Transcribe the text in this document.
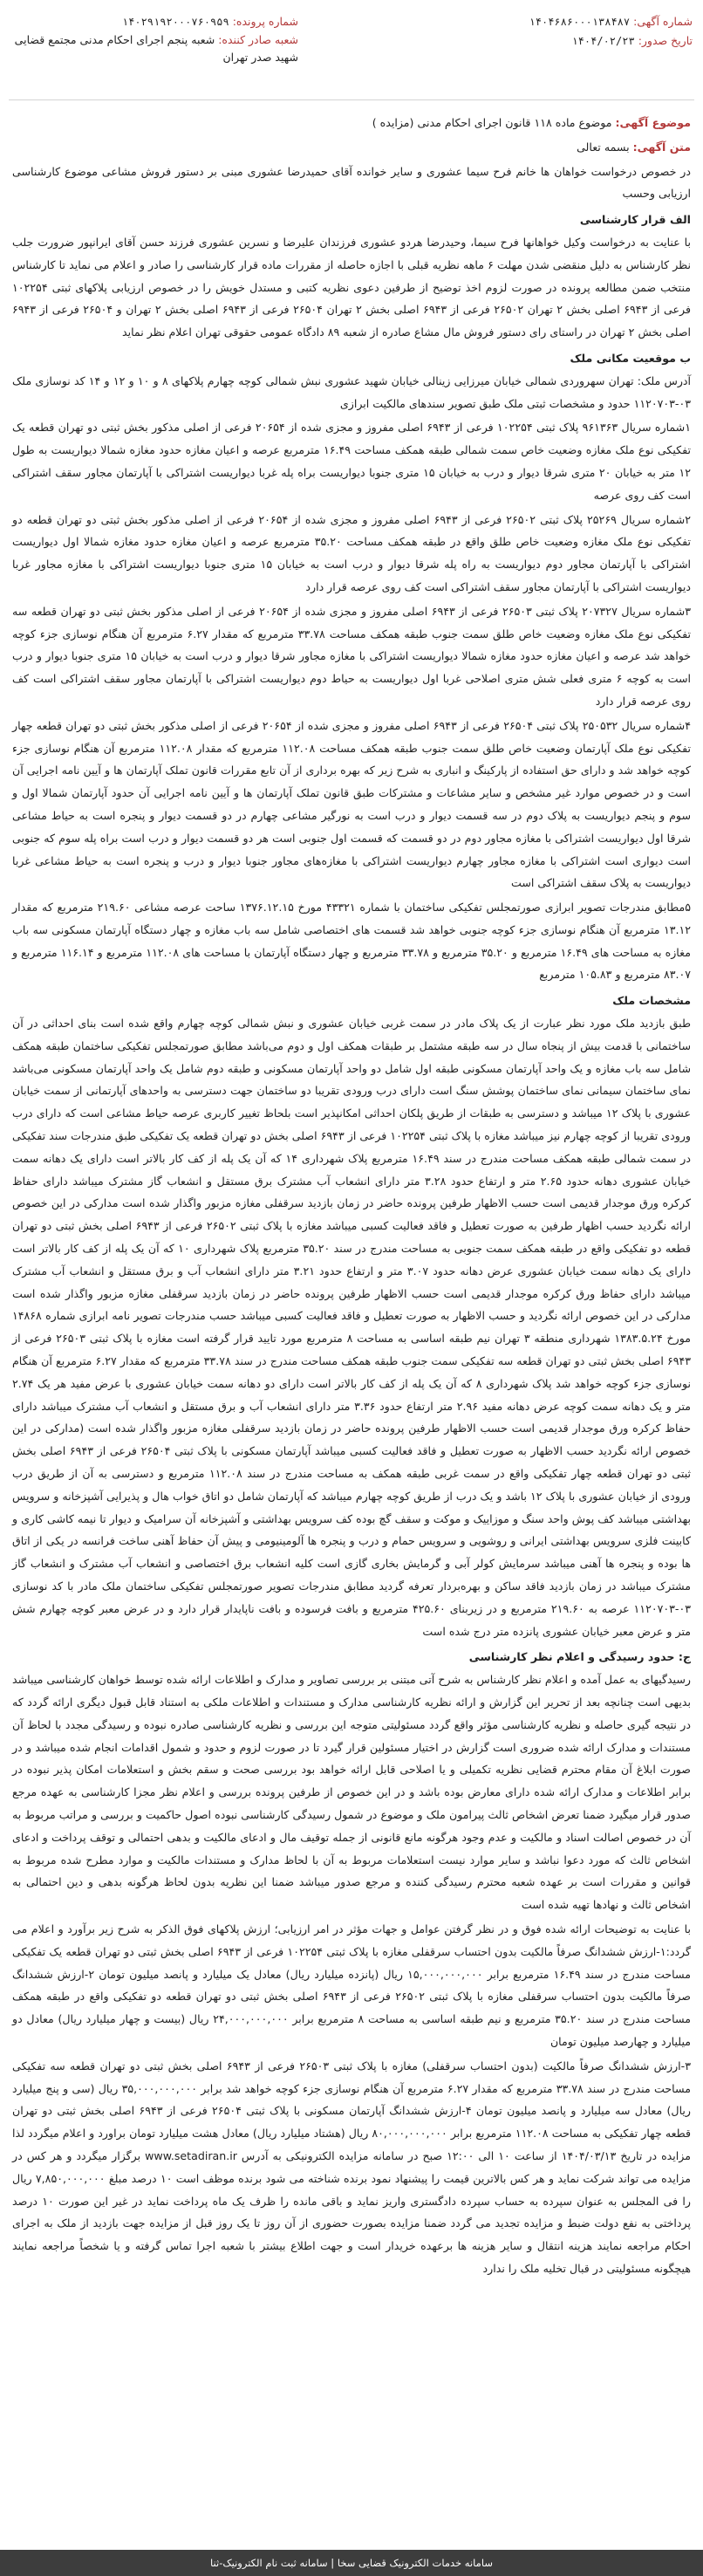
شماره آگهی: ۱۴۰۴۶۸۶۰۰۰۱۳۸۴۸۷
تاریخ صدور: ۱۴۰۴/۰۲/۲۳
شماره پرونده: ۱۴۰۲۹۱۹۲۰۰۰۷۶۰۹۵۹
شعبه صادر کننده: شعبه پنجم اجرای احکام مدنی مجتمع قضایی شهید صدر تهران

موضوع آگهی: موضوع ماده ۱۱۸ قانون اجرای احکام مدنی (مزایده )

متن آگهی: بسمه تعالی

در خصوص درخواست خواهان ها خانم فرح سیما عشوری و سایر خوانده آقای حمیدرضا عشوری مبنی بر دستور فروش مشاعی موضوع کارشناسی ارزیابی وحسب

الف قرار کارشناسی

با عنایت به درخواست وکیل خواهانها فرح سیما، وحیدرضا هردو عشوری فرزندان علیرضا و نسرین عشوری فرزند حسن آقای ایرانپور ضرورت جلب نظر کارشناس به دلیل منقضی شدن مهلت ۶ ماهه نظریه قبلی با اجازه حاصله از مقررات ماده قرار کارشناسی را صادر و اعلام می نماید تا کارشناس منتخب ضمن مطالعه پرونده در صورت لزوم اخذ توضیح از طرفین دعوی نظریه کتبی و مستدل خویش را در خصوص ارزیابی پلاکهای ثبتی ۱۰۲۲۵۴ فرعی از ۶۹۴۳ اصلی بخش ۲ تهران ۲۶۵۰۲ فرعی از ۶۹۴۳ اصلی بخش ۲ تهران ۲۶۵۰۴ فرعی از ۶۹۴۳ اصلی بخش ۲ تهران و ۲۶۵۰۴ فرعی از ۶۹۴۳ اصلی بخش ۲ تهران در راستای رای دستور فروش مال مشاع صادره از شعبه ۸۹ دادگاه عمومی حقوقی تهران اعلام نظر نماید

ب موقعیت مکانی ملک

آدرس ملک: تهران سهروردی شمالی خیابان میرزایی زینالی خیابان شهید عشوری نبش شمالی کوچه چهارم پلاکهای ۸ و ۱۰ و ۱۲ و ۱۴ کد نوسازی ملک ۰۳-۱۱۲۰۷۰۳ حدود و مشخصات ثبتی ملک طبق تصویر سندهای مالکیت ابرازی

۱شماره سریال ۹۶۱۳۶۳ پلاک ثبتی ۱۰۲۲۵۴ فرعی از ۶۹۴۳ اصلی مفروز و مجزی شده از ۲۰۶۵۴ فرعی از اصلی مذکور بخش ثبتی دو تهران قطعه یک تفکیکی نوع ملک مغازه وضعیت خاص سمت شمالی طبقه همکف مساحت ۱۶.۴۹ مترمربع عرصه و اعیان مغازه حدود مغازه شمالا دیواریست به طول ۱۲ متر به خیابان ۲۰ متری شرقا دیوار و درب به خیابان ۱۵ متری جنوبا دیواریست براه پله غربا دیواریست اشتراکی با آپارتمان مجاور سقف اشتراکی است کف روی عرصه

۲شماره سریال ۲۵۲۶۹ پلاک ثبتی ۲۶۵۰۲ فرعی از ۶۹۴۳ اصلی مفروز و مجزی شده از ۲۰۶۵۴ فرعی از اصلی مذکور بخش ثبتی دو تهران قطعه دو تفکیکی نوع ملک مغازه وضعیت خاص طلق واقع در طبقه همکف مساحت ۳۵.۲۰ مترمربع عرصه و اعیان مغازه حدود مغازه شمالا اول دیواریست اشتراکی با آپارتمان مجاور دوم دیواریست به راه پله شرقا دیوار و درب است به خیابان ۱۵ متری جنوبا دیواریست اشتراکی با مغازه مجاور غربا دیواریست اشتراکی با آپارتمان مجاور سقف اشتراکی است کف روی عرصه قرار دارد

۳شماره سریال ۲۰۷۳۲۷ پلاک ثبتی ۲۶۵۰۳ فرعی از ۶۹۴۳ اصلی مفروز و مجزی شده از ۲۰۶۵۴ فرعی از اصلی مذکور بخش ثبتی دو تهران قطعه سه تفکیکی نوع ملک مغازه وضعیت خاص طلق سمت جنوب طبقه همکف مساحت ۳۳.۷۸ مترمربع که مقدار ۶.۲۷ مترمربع آن هنگام نوسازی جزء کوچه خواهد شد عرصه و اعیان مغازه حدود مغازه شمالا دیواریست اشتراکی با مغازه مجاور شرقا دیوار و درب است به خیابان ۱۵ متری جنوبا دیوار و درب است به کوچه ۶ متری فعلی شش متری اصلاحی غربا اول دیواریست به حیاط دوم دیواریست اشتراکی با آپارتمان مجاور سقف اشتراکی است کف روی عرصه قرار دارد

۴شماره سریال ۲۵۰۵۳۲ پلاک ثبتی ۲۶۵۰۴ فرعی از ۶۹۴۳ اصلی مفروز و مجزی شده از ۲۰۶۵۴ فرعی از اصلی مذکور بخش ثبتی دو تهران قطعه چهار تفکیکی نوع ملک آپارتمان وضعیت خاص طلق سمت جنوب طبقه همکف مساحت ۱۱۲.۰۸ مترمربع که مقدار ۱۱۲.۰۸ مترمربع آن هنگام نوسازی جزء کوچه خواهد شد و دارای حق استفاده از پارکینگ و انباری به شرح زیر که بهره برداری از آن تابع مقررات قانون تملک آپارتمان ها و آیین نامه اجرایی آن است و در خصوص موارد غیر مشخص و سایر مشاعات و مشترکات طبق قانون تملک آپارتمان ها و آیین نامه اجرایی آن حدود آپارتمان شمالا اول و سوم و پنجم دیواریست به پلاک دوم در سه قسمت دیوار و درب است به نورگیر مشاعی چهارم در دو قسمت دیوار و پنجره است به حیاط مشاعی شرقا اول دیواریست اشتراکی با مغازه مجاور دوم در دو قسمت که قسمت اول جنوبی است هر دو قسمت دیوار و درب است براه پله سوم که جنوبی است دیواری است اشتراکی با مغازه مجاور چهارم دیواریست اشتراکی با مغازه‌های مجاور جنوبا دیوار و درب و پنجره است به حیاط مشاعی غربا دیواریست به پلاک سقف اشتراکی است

۵مطابق مندرجات تصویر ابرازی صورتمجلس تفکیکی ساختمان با شماره ۴۳۳۲۱ مورخ ۱۳۷۶.۱۲.۱۵ ساحت عرصه مشاعی ۲۱۹.۶۰ مترمربع که مقدار ۱۳.۱۲ مترمربع آن هنگام نوسازی جزء کوچه جنوبی خواهد شد قسمت های اختصاصی شامل سه باب مغازه و چهار دستگاه آپارتمان مسکونی سه باب مغازه به مساحت های ۱۶.۴۹ مترمربع و ۳۵.۲۰ مترمربع و ۳۳.۷۸ مترمربع و چهار دستگاه آپارتمان با مساحت های ۱۱۲.۰۸ مترمربع و ۱۱۶.۱۴ مترمربع و ۸۳.۰۷ مترمربع و ۱۰۵.۸۳ مترمربع

مشخصات ملک

طبق بازدید ملک مورد نظر عبارت از یک پلاک مادر در سمت غربی خیابان عشوری و نبش شمالی کوچه چهارم واقع شده است بنای احداثی در آن ساختمانی با قدمت بیش از پنجاه سال در سه طبقه مشتمل بر طبقات همکف اول و دوم می‌باشد مطابق صورتمجلس تفکیکی ساختمان طبقه همکف شامل سه باب مغازه و یک واحد آپارتمان مسکونی طبقه اول شامل دو واحد آپارتمان مسکونی و طبقه دوم شامل یک واحد آپارتمان مسکونی می‌باشد نمای ساختمان سیمانی نمای ساختمان پوشش سنگ است دارای درب ورودی تقریبا دو ساختمان جهت دسترسی به واحدهای آپارتمانی از سمت خیابان عشوری با پلاک ۱۲ میباشد و دسترسی به طبقات از طریق پلکان احداثی امکانپذیر است بلحاظ تغییر کاربری عرصه حیاط مشاعی است که دارای درب ورودی تقریبا از کوچه چهارم نیز میباشد مغازه با پلاک ثبتی ۱۰۲۲۵۴ فرعی از ۶۹۴۳ اصلی بخش دو تهران قطعه یک تفکیکی طبق مندرجات سند تفکیکی در سمت شمالی طبقه همکف مساحت مندرج در سند ۱۶.۴۹ مترمربع پلاک شهرداری ۱۴ که آن یک پله از کف کار بالاتر است دارای یک دهانه سمت خیابان عشوری دهانه حدود ۲.۶۵ متر و ارتفاع حدود ۳.۲۸ متر دارای انشعاب آب مشترک برق مستقل و انشعاب گاز مشترک میباشد دارای حفاظ کرکره ورق موجدار قدیمی است حسب الاظهار طرفین پرونده حاضر در زمان بازدید سرقفلی مغازه مزبور واگذار شده است مدارکی در این خصوص ارائه نگردید حسب اظهار طرفین به صورت تعطیل و فاقد فعالیت کسبی میباشد مغازه با پلاک ثبتی ۲۶۵۰۲ فرعی از ۶۹۴۳ اصلی بخش ثبتی دو تهران قطعه دو تفکیکی واقع در طبقه همکف سمت جنوبی به مساحت مندرج در سند ۳۵.۲۰ مترمربع پلاک شهرداری ۱۰ که آن یک پله از کف کار بالاتر است دارای یک دهانه سمت خیابان عشوری عرض دهانه حدود ۳.۰۷ متر و ارتفاع حدود ۳.۲۱ متر دارای انشعاب آب و برق مستقل و انشعاب آب مشترک میباشد دارای حفاظ ورق کرکره موجدار قدیمی است حسب الاظهار طرفین پرونده حاضر در زمان بازدید سرقفلی مغازه مزبور واگذار شده است مدارکی در این خصوص ارائه نگردید و حسب الاظهار به صورت تعطیل و فاقد فعالیت کسبی میباشد حسب مندرجات تصویر نامه ابرازی شماره ۱۴۸۶۸ مورخ ۱۳۸۳.۵.۲۴ شهرداری منطقه ۳ تهران نیم طبقه اساسی به مساحت ۸ مترمربع مورد تایید قرار گرفته است مغازه با پلاک ثبتی ۲۶۵۰۳ فرعی از ۶۹۴۳ اصلی بخش ثبتی دو تهران قطعه سه تفکیکی سمت جنوب طبقه همکف مساحت مندرج در سند ۳۳.۷۸ مترمربع که مقدار ۶.۲۷ مترمربع آن هنگام نوسازی جزء کوچه خواهد شد پلاک شهرداری ۸ که آن یک پله از کف کار بالاتر است دارای دو دهانه سمت خیابان عشوری با عرض مفید هر یک ۲.۷۴ متر و یک دهانه سمت کوچه عرض دهانه مفید ۲.۹۶ متر ارتفاع حدود ۳.۳۶ متر دارای انشعاب آب و برق مستقل و انشعاب آب مشترک میباشد دارای حفاظ کرکره ورق موجدار قدیمی است حسب الاظهار طرفین پرونده حاضر در زمان بازدید سرقفلی مغازه مزبور واگذار شده است (مدارکی در این خصوص ارائه نگردید حسب الاظهار به صورت تعطیل و فاقد فعالیت کسبی میباشد آپارتمان مسکونی با پلاک ثبتی ۲۶۵۰۴ فرعی از ۶۹۴۳ اصلی بخش ثبتی دو تهران قطعه چهار تفکیکی واقع در سمت غربی طبقه همکف به مساحت مندرج در سند ۱۱۲.۰۸ مترمربع و دسترسی به آن از طریق درب ورودی از خیابان عشوری با پلاک ۱۲ باشد و یک درب از طریق کوچه چهارم میباشد که آپارتمان شامل دو اتاق خواب هال و پذیرایی آشپزخانه و سرویس بهداشتی میباشد کف پوش واحد سنگ و موزاییک و موکت و سقف گچ بوده کف سرویس بهداشتی و آشپزخانه آن سرامیک و دیوار تا نیمه کاشی کاری و کابینت فلزی سرویس بهداشتی ایرانی و روشویی و سرویس حمام و درب و پنجره ها آلومینیومی و پیش آن حفاظ آهنی ساخت فرانسه در یکی از اتاق ها بوده و پنجره ها آهنی میباشد سرمایش کولر آبی و گرمایش بخاری گازی است کلیه انشعاب برق اختصاصی و انشعاب آب مشترک و انشعاب گاز مشترک میباشد در زمان بازدید فاقد ساکن و بهره‌بردار تعرفه گردید مطابق مندرجات تصویر صورتمجلس تفکیکی ساختمان ملک مادر با کد نوسازی ۰۳-۱۱۲۰۷۰۳ عرصه به ۲۱۹.۶۰ مترمربع و در زیربنای ۴۲۵.۶۰ مترمربع و بافت فرسوده و بافت ناپایدار قرار دارد و در عرض معبر کوچه چهارم شش متر و عرض معبر خیابان عشوری پانزده متر درج شده است

ج: حدود رسیدگی و اعلام نظر کارشناسی

رسیدگیهای به عمل آمده و اعلام نظر کارشناس به شرح آتی مبتنی بر بررسی تصاویر و مدارک و اطلاعات ارائه شده توسط خواهان کارشناسی میباشد بدیهی است چنانچه بعد از تحریر این گزارش و ارائه نظریه کارشناسی مدارک و مستندات و اطلاعات ملکی به استناد قابل قبول دیگری ارائه گردد که در نتیجه گیری حاصله و نظریه کارشناسی مؤثر واقع گردد مسئولیتی متوجه این بررسی و نظریه کارشناسی صادره نبوده و رسیدگی مجدد با لحاظ آن مستندات و مدارک ارائه شده ضروری است گزارش در اختیار مسئولین قرار گیرد تا در صورت لزوم و حدود و شمول اقدامات انجام شده میباشد و در صورت ابلاغ آن مقام محترم قضایی نظریه تکمیلی و یا اصلاحی قابل ارائه خواهد بود بررسی صحت و سقم بخش و استعلامات امکان پذیر نبوده در برابر اطلاعات و مدارک ارائه شده دارای معارض بوده باشد و در این خصوص از طرفین پرونده بررسی و اعلام نظر مجزا کارشناسی به عهده مرجع صدور قرار میگیرد ضمنا تعرض اشخاص ثالث پیرامون ملک و موضوع در شمول رسیدگی کارشناسی نبوده اصول حاکمیت و بررسی و مراتب مربوط به آن در خصوص اصالت اسناد و مالکیت و عدم وجود هرگونه مانع قانونی از جمله توقیف مال و ادعای مالکیت و بدهی احتمالی و توقف پرداخت و ادعای اشخاص ثالث که مورد دعوا نباشد و سایر موارد نیست استعلامات مربوط به آن با لحاظ مدارک و مستندات مالکیت و موارد مطرح شده مربوط به قوانین و مقررات است بر عهده شعبه محترم رسیدگی کننده و مرجع صدور میباشد ضمنا این نظریه بدون لحاظ هرگونه بدهی و دین احتمالی به اشخاص ثالث و نهادها تهیه شده است

با عنایت به توضیحات ارائه شده فوق و در نظر گرفتن عوامل و جهات مؤثر در امر ارزیابی؛ ارزش پلاکهای فوق الذکر به شرح زیر برآورد و اعلام می گردد:۱-ارزش ششدانگ صرفاً مالکیت بدون احتساب سرقفلی مغازه با پلاک ثبتی ۱۰۲۲۵۴ فرعی از ۶۹۴۳ اصلی بخش ثبتی دو تهران قطعه یک تفکیکی مساحت مندرج در سند ۱۶.۴۹ مترمربع برابر ۱۵,۰۰۰,۰۰۰,۰۰۰ ریال (پانزده میلیارد ریال) معادل یک میلیارد و پانصد میلیون تومان ۲-ارزش ششدانگ صرفاً مالکیت بدون احتساب سرقفلی مغازه با پلاک ثبتی ۲۶۵۰۲ فرعی از ۶۹۴۳ اصلی بخش ثبتی دو تهران قطعه دو تفکیکی واقع در طبقه همکف مساحت مندرج در سند ۳۵.۲۰ مترمربع و نیم طبقه اساسی به مساحت ۸ مترمربع برابر ۲۴,۰۰۰,۰۰۰,۰۰۰ ریال (بیست و چهار میلیارد ریال) معادل دو میلیارد و چهارصد میلیون تومان

۳-ارزش ششدانگ صرفاً مالکیت (بدون احتساب سرقفلی) مغازه با پلاک ثبتی ۲۶۵۰۳ فرعی از ۶۹۴۳ اصلی بخش ثبتی دو تهران قطعه سه تفکیکی مساحت مندرج در سند ۳۳.۷۸ مترمربع که مقدار ۶.۲۷ مترمربع آن هنگام نوسازی جزء کوچه خواهد شد برابر ۳۵,۰۰۰,۰۰۰,۰۰۰ ریال (سی و پنج میلیارد ریال) معادل سه میلیارد و پانصد میلیون تومان ۴-ارزش ششدانگ آپارتمان مسکونی با پلاک ثبتی ۲۶۵۰۴ فرعی از ۶۹۴۳ اصلی بخش ثبتی دو تهران قطعه چهار تفکیکی به مساحت ۱۱۲.۰۸ مترمربع برابر ۸۰,۰۰۰,۰۰۰,۰۰۰ ریال (هشتاد میلیارد ریال) معادل هشت میلیارد تومان براورد و اعلام میگردد لذا مزایده در تاریخ ۱۴۰۴/۰۳/۱۳ از ساعت ۱۰ الی ۱۲:۰۰ صبح در سامانه مزایده الکترونیکی به آدرس www.setadiran.ir برگزار میگردد و هر کس در مزایده می تواند شرکت نماید و هر کس بالاترین قیمت را پیشنهاد نمود برنده شناخته می شود برنده موظف است ۱۰ درصد مبلغ ۷,۸۵۰,۰۰۰,۰۰۰ ریال را فی المجلس به عنوان سپرده به حساب سپرده دادگستری واریز نماید و باقی مانده را ظرف یک ماه پرداخت نماید در غیر این صورت ۱۰ درصد پرداختی به نفع دولت ضبط و مزایده تجدید می گردد ضمنا مزایده بصورت حضوری از آن روز تا یک روز قبل از مزایده جهت بازدید از ملک به اجرای احکام مراجعه نمایند هزینه انتقال و سایر هزینه ها برعهده خریدار است و جهت اطلاع بیشتر با شعبه اجرا تماس گرفته و یا شخصاً مراجعه نمایند هیچگونه مسئولیتی در قبال تخلیه ملک را ندارد

سامانه خدمات الکترونیک قضایی سخا | سامانه ثبت نام الکترونیک-ثنا
